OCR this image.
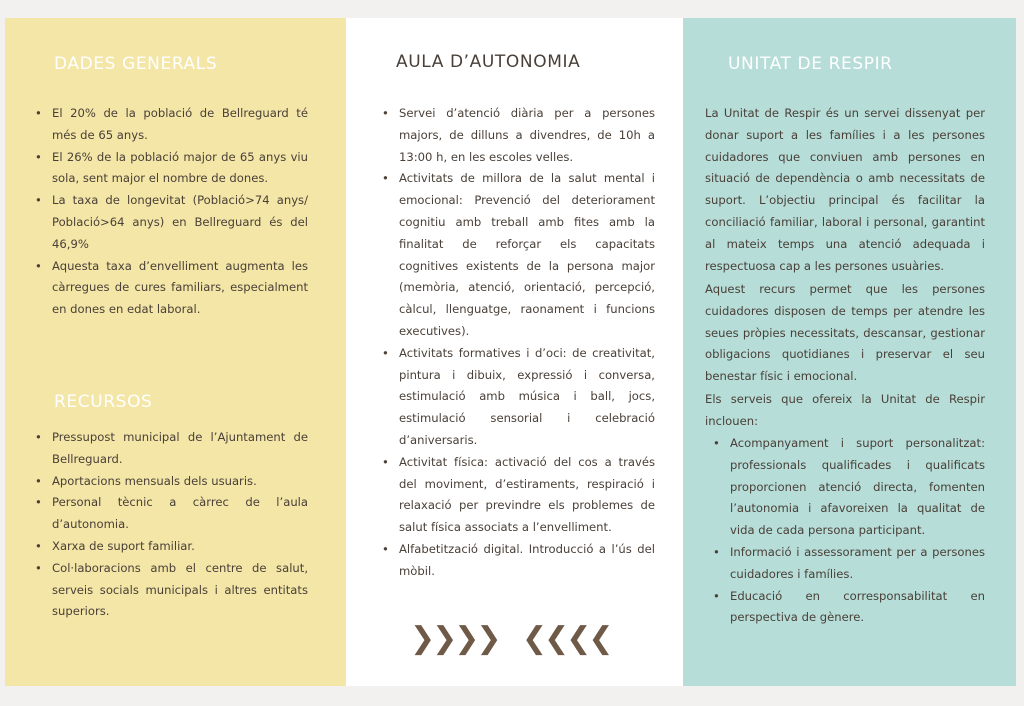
DADES GENERALS
• El 20% de la població de Bellreguard té més de 65 anys.
• El 26% de la població major de 65 anys viu sola, sent major el nombre de dones.
• La taxa de longevitat (Població>74 anys/ Població>64 anys) en Bellreguard és del 46,9%
• Aquesta taxa d’envelliment augmenta les càrregues de cures familiars, especialment en dones en edat laboral.
RECURSOS
• Pressupost municipal de l’Ajuntament de Bellreguard.
• Aportacions mensuals dels usuaris.
• Personal tècnic a càrrec de l’aula d’autonomia.
• Xarxa de suport familiar.
• Col·laboracions amb el centre de salut, serveis socials municipals i altres entitats superiors.
AULA D’AUTONOMIA
• Servei d’atenció diària per a persones majors, de dilluns a divendres, de 10h a 13:00 h, en les escoles velles.
• Activitats de millora de la salut mental i emocional: Prevenció del deteriorament cognitiu amb treball amb fites amb la finalitat de reforçar els capacitats cognitives existents de la persona major (memòria, atenció, orientació, percepció, càlcul, llenguatge, raonament i funcions executives).
• Activitats formatives i d’oci: de creativitat, pintura i dibuix, expressió i conversa, estimulació amb música i ball, jocs, estimulació sensorial i celebració d’aniversaris.
• Activitat física: activació del cos a través del moviment, d’estiraments, respiració i relaxació per previndre els problemes de salut física associats a l’envelliment.
• Alfabetització digital. Introducció a l’ús del mòbil.
❯❯❯❯ ❮❮❮❮
UNITAT DE RESPIR

La Unitat de Respir és un servei dissenyat per donar suport a les famílies i a les persones cuidadores que conviuen amb persones en situació de dependència o amb necessitats de suport. L’objectiu principal és facilitar la conciliació familiar, laboral i personal, garantint al mateix temps una atenció adequada i respectuosa cap a les persones usuàries.

Aquest recurs permet que les persones cuidadores disposen de temps per atendre les seues pròpies necessitats, descansar, gestionar obligacions quotidianes i preservar el seu benestar físic i emocional.

Els serveis que ofereix la Unitat de Respir inclouen:

• Acompanyament i suport personalitzat: professionals qualificades i qualificats proporcionen atenció directa, fomenten l’autonomia i afavoreixen la qualitat de vida de cada persona participant.
• Informació i assessorament per a persones cuidadores i famílies.
• Educació en corresponsabilitat en perspectiva de gènere.
